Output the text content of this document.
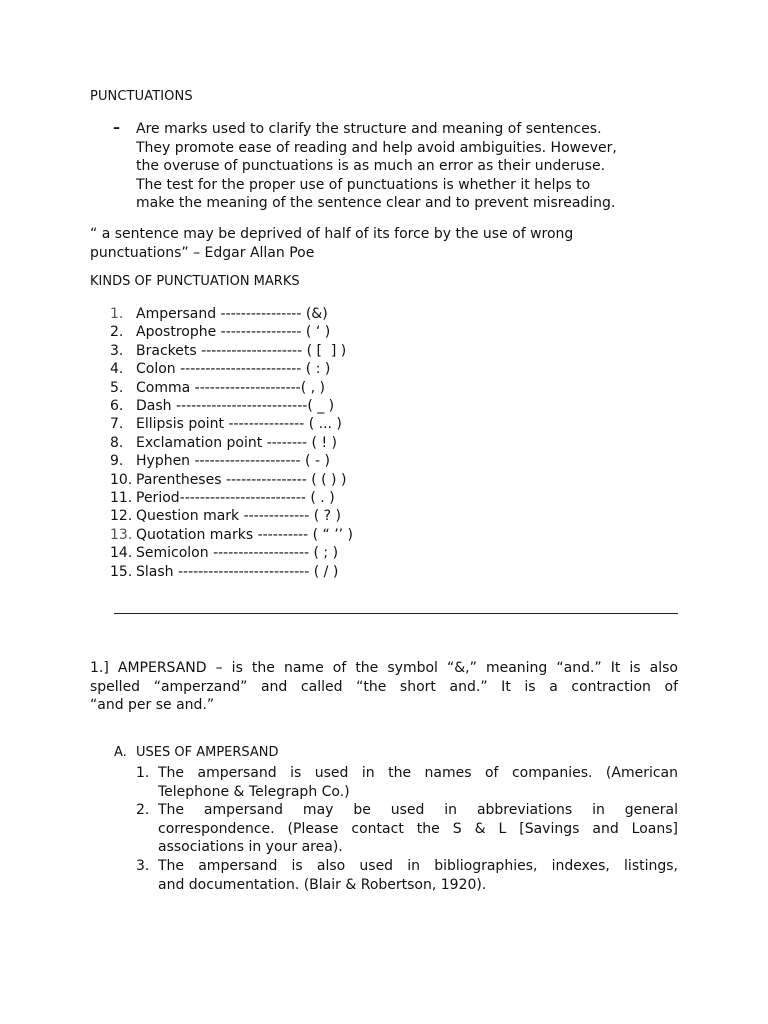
PUNCTUATIONS
– Are marks used to clarify the structure and meaning of sentences.
They promote ease of reading and help avoid ambiguities. However,
the overuse of punctuations is as much an error as their underuse.
The test for the proper use of punctuations is whether it helps to
make the meaning of the sentence clear and to prevent misreading.

“ a sentence may be deprived of half of its force by the use of wrong
punctuations” – Edgar Allan Poe

KINDS OF PUNCTUATION MARKS
1. Ampersand ---------------- (&)
2. Apostrophe ---------------- ( ‘ )
3. Brackets -------------------- ( [  ] )
4. Colon ------------------------ ( : )
5. Comma ---------------------( , )
6. Dash --------------------------( _ )
7. Ellipsis point --------------- ( ... )
8. Exclamation point -------- ( ! )
9. Hyphen --------------------- ( - )
10. Parentheses ---------------- ( ( ) )
11. Period------------------------- ( . )
12. Question mark ------------- ( ? )
13. Quotation marks ---------- ( “ ’’ )
14. Semicolon ------------------- ( ; )
15. Slash -------------------------- ( / )

1.] AMPERSAND – is the name of the symbol “&,” meaning “and.” It is also
spelled “amperzand” and called “the short and.” It is a contraction of
“and per se and.”

A. USES OF AMPERSAND
1. The ampersand is used in the names of companies. (American
Telephone & Telegraph Co.)
2. The ampersand may be used in abbreviations in general
correspondence. (Please contact the S & L [Savings and Loans]
associations in your area).
3. The ampersand is also used in bibliographies, indexes, listings,
and documentation. (Blair & Robertson, 1920).
